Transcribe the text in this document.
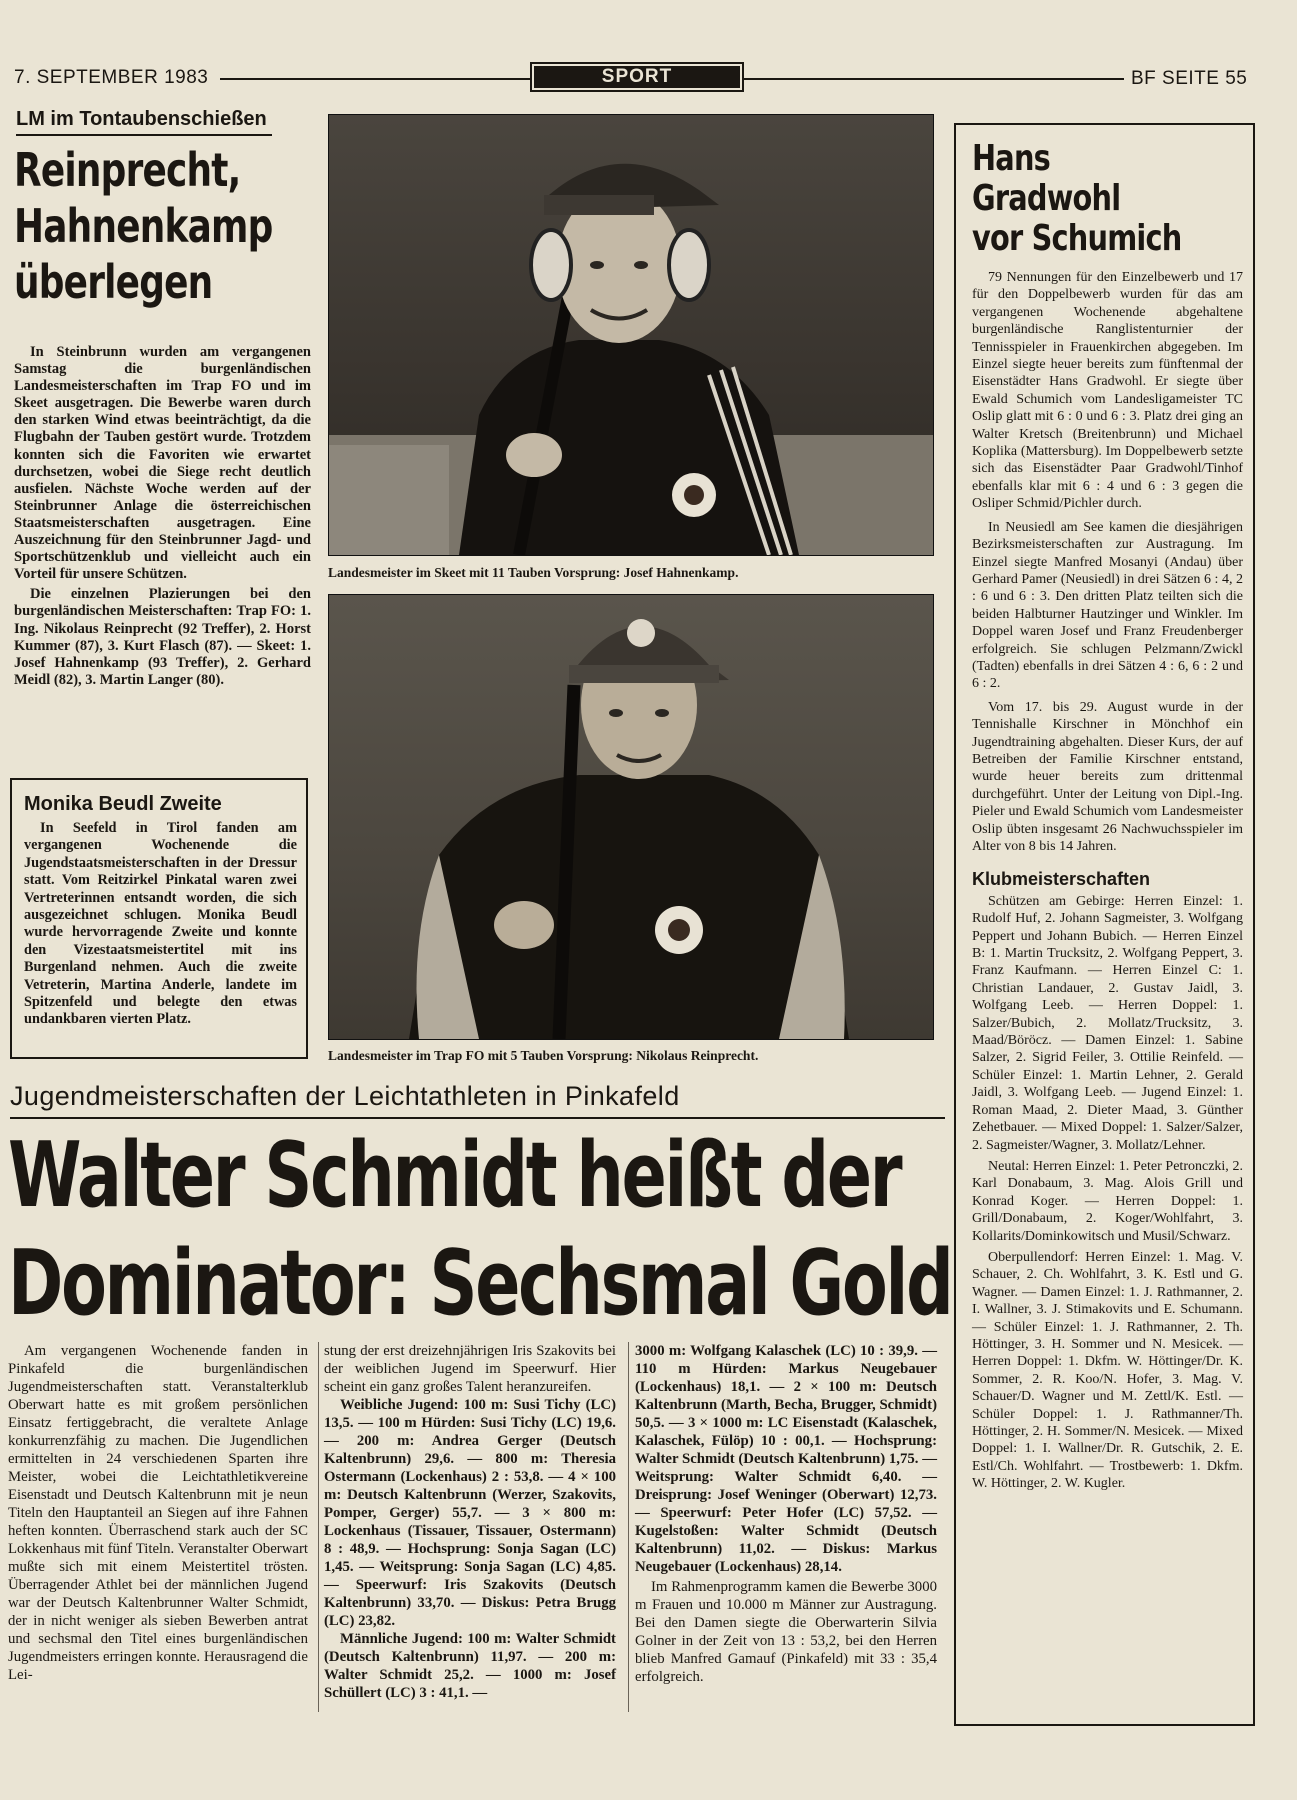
7. SEPTEMBER 1983	SPORT	BF SEITE 55
LM im Tontaubenschießen
Reinprecht,
Hahnenkamp
überlegen

In Steinbrunn wurden am vergangenen Samstag die burgenländischen Landesmeisterschaften im Trap FO und im Skeet ausgetragen. Die Bewerbe waren durch den starken Wind etwas beeinträchtigt, da die Flugbahn der Tauben gestört wurde. Trotzdem konnten sich die Favoriten wie erwartet durchsetzen, wobei die Siege recht deutlich ausfielen. Nächste Woche werden auf der Steinbrunner Anlage die österreichischen Staatsmeisterschaften ausgetragen. Eine Auszeichnung für den Steinbrunner Jagd- und Sportschützenklub und vielleicht auch ein Vorteil für unsere Schützen.

Die einzelnen Plazierungen bei den burgenländischen Meisterschaften: Trap FO: 1. Ing. Nikolaus Reinprecht (92 Treffer), 2. Horst Kummer (87), 3. Kurt Flasch (87). — Skeet: 1. Josef Hahnenkamp (93 Treffer), 2. Gerhard Meidl (82), 3. Martin Langer (80).

Monika Beudl Zweite
In Seefeld in Tirol fanden am vergangenen Wochenende die Jugendstaatsmeisterschaften in der Dressur statt. Vom Reitzirkel Pinkatal waren zwei Vertreterinnen entsandt worden, die sich ausgezeichnet schlugen. Monika Beudl wurde hervorragende Zweite und konnte den Vizestaatsmeistertitel mit ins Burgenland nehmen. Auch die zweite Vetreterin, Martina Anderle, landete im Spitzenfeld und belegte den etwas undankbaren vierten Platz.
Landesmeister im Skeet mit 11 Tauben Vorsprung: Josef Hahnenkamp.
Landesmeister im Trap FO mit 5 Tauben Vorsprung: Nikolaus Reinprecht.
Hans Gradwohl
vor Schumich

79 Nennungen für den Einzelbewerb und 17 für den Doppelbewerb wurden für das am vergangenen Wochenende abgehaltene burgenländische Ranglistenturnier der Tennisspieler in Frauenkirchen abgegeben. Im Einzel siegte heuer bereits zum fünftenmal der Eisenstädter Hans Gradwohl. Er siegte über Ewald Schumich vom Landesligameister TC Oslip glatt mit 6 : 0 und 6 : 3. Platz drei ging an Walter Kretsch (Breitenbrunn) und Michael Koplika (Mattersburg). Im Doppelbewerb setzte sich das Eisenstädter Paar Gradwohl/Tinhof ebenfalls klar mit 6 : 4 und 6 : 3 gegen die Osliper Schmid/Pichler durch.

In Neusiedl am See kamen die diesjährigen Bezirksmeisterschaften zur Austragung. Im Einzel siegte Manfred Mosanyi (Andau) über Gerhard Pamer (Neusiedl) in drei Sätzen 6 : 4, 2 : 6 und 6 : 3. Den dritten Platz teilten sich die beiden Halbturner Hautzinger und Winkler. Im Doppel waren Josef und Franz Freudenberger erfolgreich. Sie schlugen Pelzmann/Zwickl (Tadten) ebenfalls in drei Sätzen 4 : 6, 6 : 2 und 6 : 2.

Vom 17. bis 29. August wurde in der Tennishalle Kirschner in Mönchhof ein Jugendtraining abgehalten. Dieser Kurs, der auf Betreiben der Familie Kirschner entstand, wurde heuer bereits zum drittenmal durchgeführt. Unter der Leitung von Dipl.-Ing. Pieler und Ewald Schumich vom Landesmeister Oslip übten insgesamt 26 Nachwuchsspieler im Alter von 8 bis 14 Jahren.

Klubmeisterschaften

Schützen am Gebirge: Herren Einzel: 1. Rudolf Huf, 2. Johann Sagmeister, 3. Wolfgang Peppert und Johann Bubich. — Herren Einzel B: 1. Martin Trucksitz, 2. Wolfgang Peppert, 3. Franz Kaufmann. — Herren Einzel C: 1. Christian Landauer, 2. Gustav Jaidl, 3. Wolfgang Leeb. — Herren Doppel: 1. Salzer/Bubich, 2. Mollatz/Trucksitz, 3. Maad/Böröcz. — Damen Einzel: 1. Sabine Salzer, 2. Sigrid Feiler, 3. Ottilie Reinfeld. — Schüler Einzel: 1. Martin Lehner, 2. Gerald Jaidl, 3. Wolfgang Leeb. — Jugend Einzel: 1. Roman Maad, 2. Dieter Maad, 3. Günther Zehetbauer. — Mixed Doppel: 1. Salzer/Salzer, 2. Sagmeister/Wagner, 3. Mollatz/Lehner.

Neutal: Herren Einzel: 1. Peter Petronczki, 2. Karl Donabaum, 3. Mag. Alois Grill und Konrad Koger. — Herren Doppel: 1. Grill/Donabaum, 2. Koger/Wohlfahrt, 3. Kollarits/Dominkowitsch und Musil/Schwarz.

Oberpullendorf: Herren Einzel: 1. Mag. V. Schauer, 2. Ch. Wohlfahrt, 3. K. Estl und G. Wagner. — Damen Einzel: 1. J. Rathmanner, 2. I. Wallner, 3. J. Stimakovits und E. Schumann. — Schüler Einzel: 1. J. Rathmanner, 2. Th. Höttinger, 3. H. Sommer und N. Mesicek. — Herren Doppel: 1. Dkfm. W. Höttinger/Dr. K. Sommer, 2. R. Koo/N. Hofer, 3. Mag. V. Schauer/D. Wagner und M. Zettl/K. Estl. — Schüler Doppel: 1. J. Rathmanner/Th. Höttinger, 2. H. Sommer/N. Mesicek. — Mixed Doppel: 1. I. Wallner/Dr. R. Gutschik, 2. E. Estl/Ch. Wohlfahrt. — Trostbewerb: 1. Dkfm. W. Höttinger, 2. W. Kugler.

Jugendmeisterschaften der Leichtathleten in Pinkafeld
Walter Schmidt heißt der
Dominator: Sechsmal Gold
Am vergangenen Wochenende fanden in Pinkafeld die burgenländischen Jugendmeisterschaften statt. Veranstalterklub Oberwart hatte es mit großem persönlichen Einsatz fertiggebracht, die veraltete Anlage konkurrenzfähig zu machen. Die Jugendlichen ermittelten in 24 verschiedenen Sparten ihre Meister, wobei die Leichtathletikvereine Eisenstadt und Deutsch Kaltenbrunn mit je neun Titeln den Hauptanteil an Siegen auf ihre Fahnen heften konnten. Überraschend stark auch der SC Lokkenhaus mit fünf Titeln. Veranstalter Oberwart mußte sich mit einem Meistertitel trösten. Überragender Athlet bei der männlichen Jugend war der Deutsch Kaltenbrunner Walter Schmidt, der in nicht weniger als sieben Bewerben antrat und sechsmal den Titel eines burgenländischen Jugendmeisters erringen konnte. Herausragend die Lei-

stung der erst dreizehnjährigen Iris Szakovits bei der weiblichen Jugend im Speerwurf. Hier scheint ein ganz großes Talent heranzureifen.

Weibliche Jugend: 100 m: Susi Tichy (LC) 13,5. — 100 m Hürden: Susi Tichy (LC) 19,6. — 200 m: Andrea Gerger (Deutsch Kaltenbrunn) 29,6. — 800 m: Theresia Ostermann (Lockenhaus) 2 : 53,8. — 4 × 100 m: Deutsch Kaltenbrunn (Werzer, Szakovits, Pomper, Gerger) 55,7. — 3 × 800 m: Lockenhaus (Tissauer, Tissauer, Ostermann) 8 : 48,9. — Hochsprung: Sonja Sagan (LC) 1,45. — Weitsprung: Sonja Sagan (LC) 4,85. — Speerwurf: Iris Szakovits (Deutsch Kaltenbrunn) 33,70. — Diskus: Petra Brugg (LC) 23,82.

Männliche Jugend: 100 m: Walter Schmidt (Deutsch Kaltenbrunn) 11,97. — 200 m: Walter Schmidt 25,2. — 1000 m: Josef Schüllert (LC) 3 : 41,1. —

3000 m: Wolfgang Kalaschek (LC) 10 : 39,9. — 110 m Hürden: Markus Neugebauer (Lockenhaus) 18,1. — 2 × 100 m: Deutsch Kaltenbrunn (Marth, Becha, Brugger, Schmidt) 50,5. — 3 × 1000 m: LC Eisenstadt (Kalaschek, Kalaschek, Fülöp) 10 : 00,1. — Hochsprung: Walter Schmidt (Deutsch Kaltenbrunn) 1,75. — Weitsprung: Walter Schmidt 6,40. — Dreisprung: Josef Weninger (Oberwart) 12,73. — Speerwurf: Peter Hofer (LC) 57,52. — Kugelstoßen: Walter Schmidt (Deutsch Kaltenbrunn) 11,02. — Diskus: Markus Neugebauer (Lockenhaus) 28,14.

Im Rahmenprogramm kamen die Bewerbe 3000 m Frauen und 10.000 m Männer zur Austragung. Bei den Damen siegte die Oberwarterin Silvia Golner in der Zeit von 13 : 53,2, bei den Herren blieb Manfred Gamauf (Pinkafeld) mit 33 : 35,4 erfolgreich.
